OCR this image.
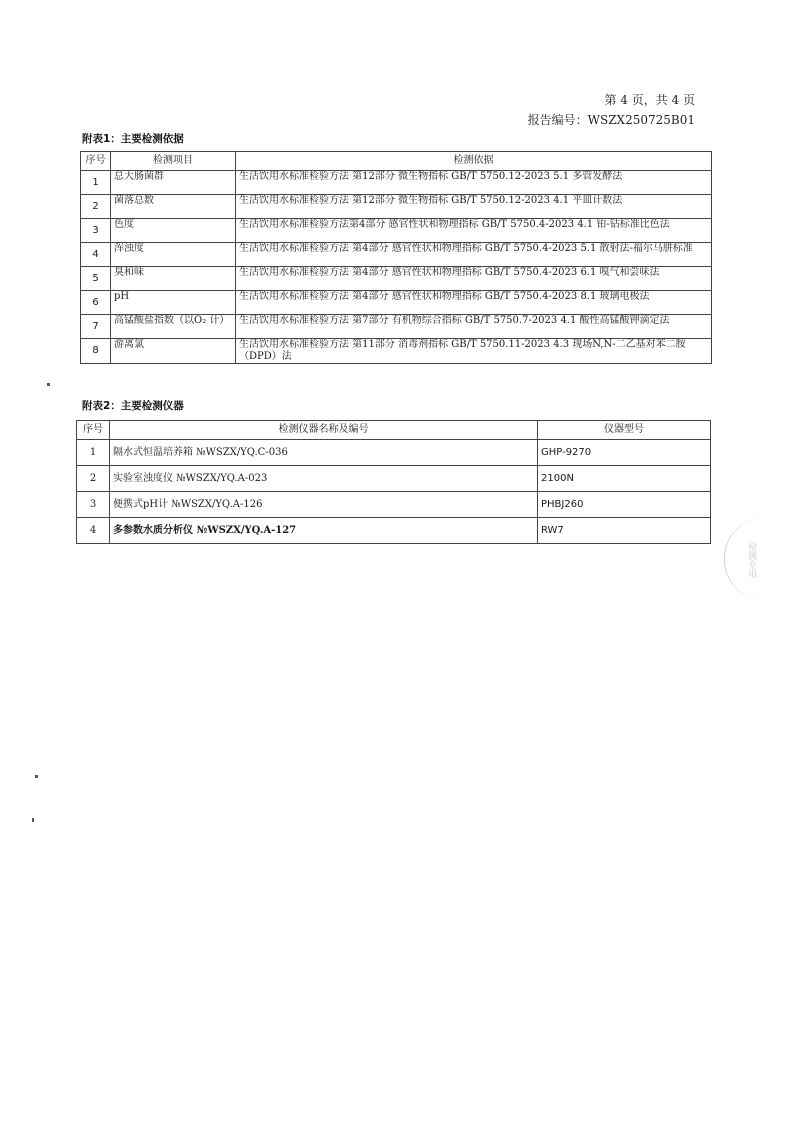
第 4 页，共 4 页
报告编号：WSZX250725B01
附表1：主要检测依据
序号	检测项目	检测依据
1	总大肠菌群	生活饮用水标准检验方法 第12部分 微生物指标 GB/T 5750.12-2023 5.1 多管发酵法
2	菌落总数	生活饮用水标准检验方法 第12部分 微生物指标 GB/T 5750.12-2023 4.1 平皿计数法
3	色度	生活饮用水标准检验方法第4部分 感官性状和物理指标 GB/T 5750.4-2023 4.1 铂-钴标准比色法
4	浑浊度	生活饮用水标准检验方法 第4部分 感官性状和物理指标 GB/T 5750.4-2023 5.1 散射法-福尔马肼标准
5	臭和味	生活饮用水标准检验方法 第4部分 感官性状和物理指标 GB/T 5750.4-2023 6.1 嗅气和尝味法
6	pH	生活饮用水标准检验方法 第4部分 感官性状和物理指标 GB/T 5750.4-2023 8.1 玻璃电极法
7	高锰酸盐指数（以O₂ 计）	生活饮用水标准检验方法 第7部分 有机物综合指标 GB/T 5750.7-2023 4.1 酸性高锰酸钾滴定法
8	游离氯	生活饮用水标准检验方法 第11部分 消毒剂指标 GB/T 5750.11-2023 4.3 现场N,N-二乙基对苯二胺（DPD）法
附表2：主要检测仪器
序号	检测仪器名称及编号	仪器型号
1	隔水式恒温培养箱 №WSZX/YQ.C-036	GHP-9270
2	实验室浊度仪 №WSZX/YQ.A-023	2100N
3	便携式pH计 №WSZX/YQ.A-126	PHBJ260
4	多参数水质分析仪 №WSZX/YQ.A-127	RW7
检测专用
